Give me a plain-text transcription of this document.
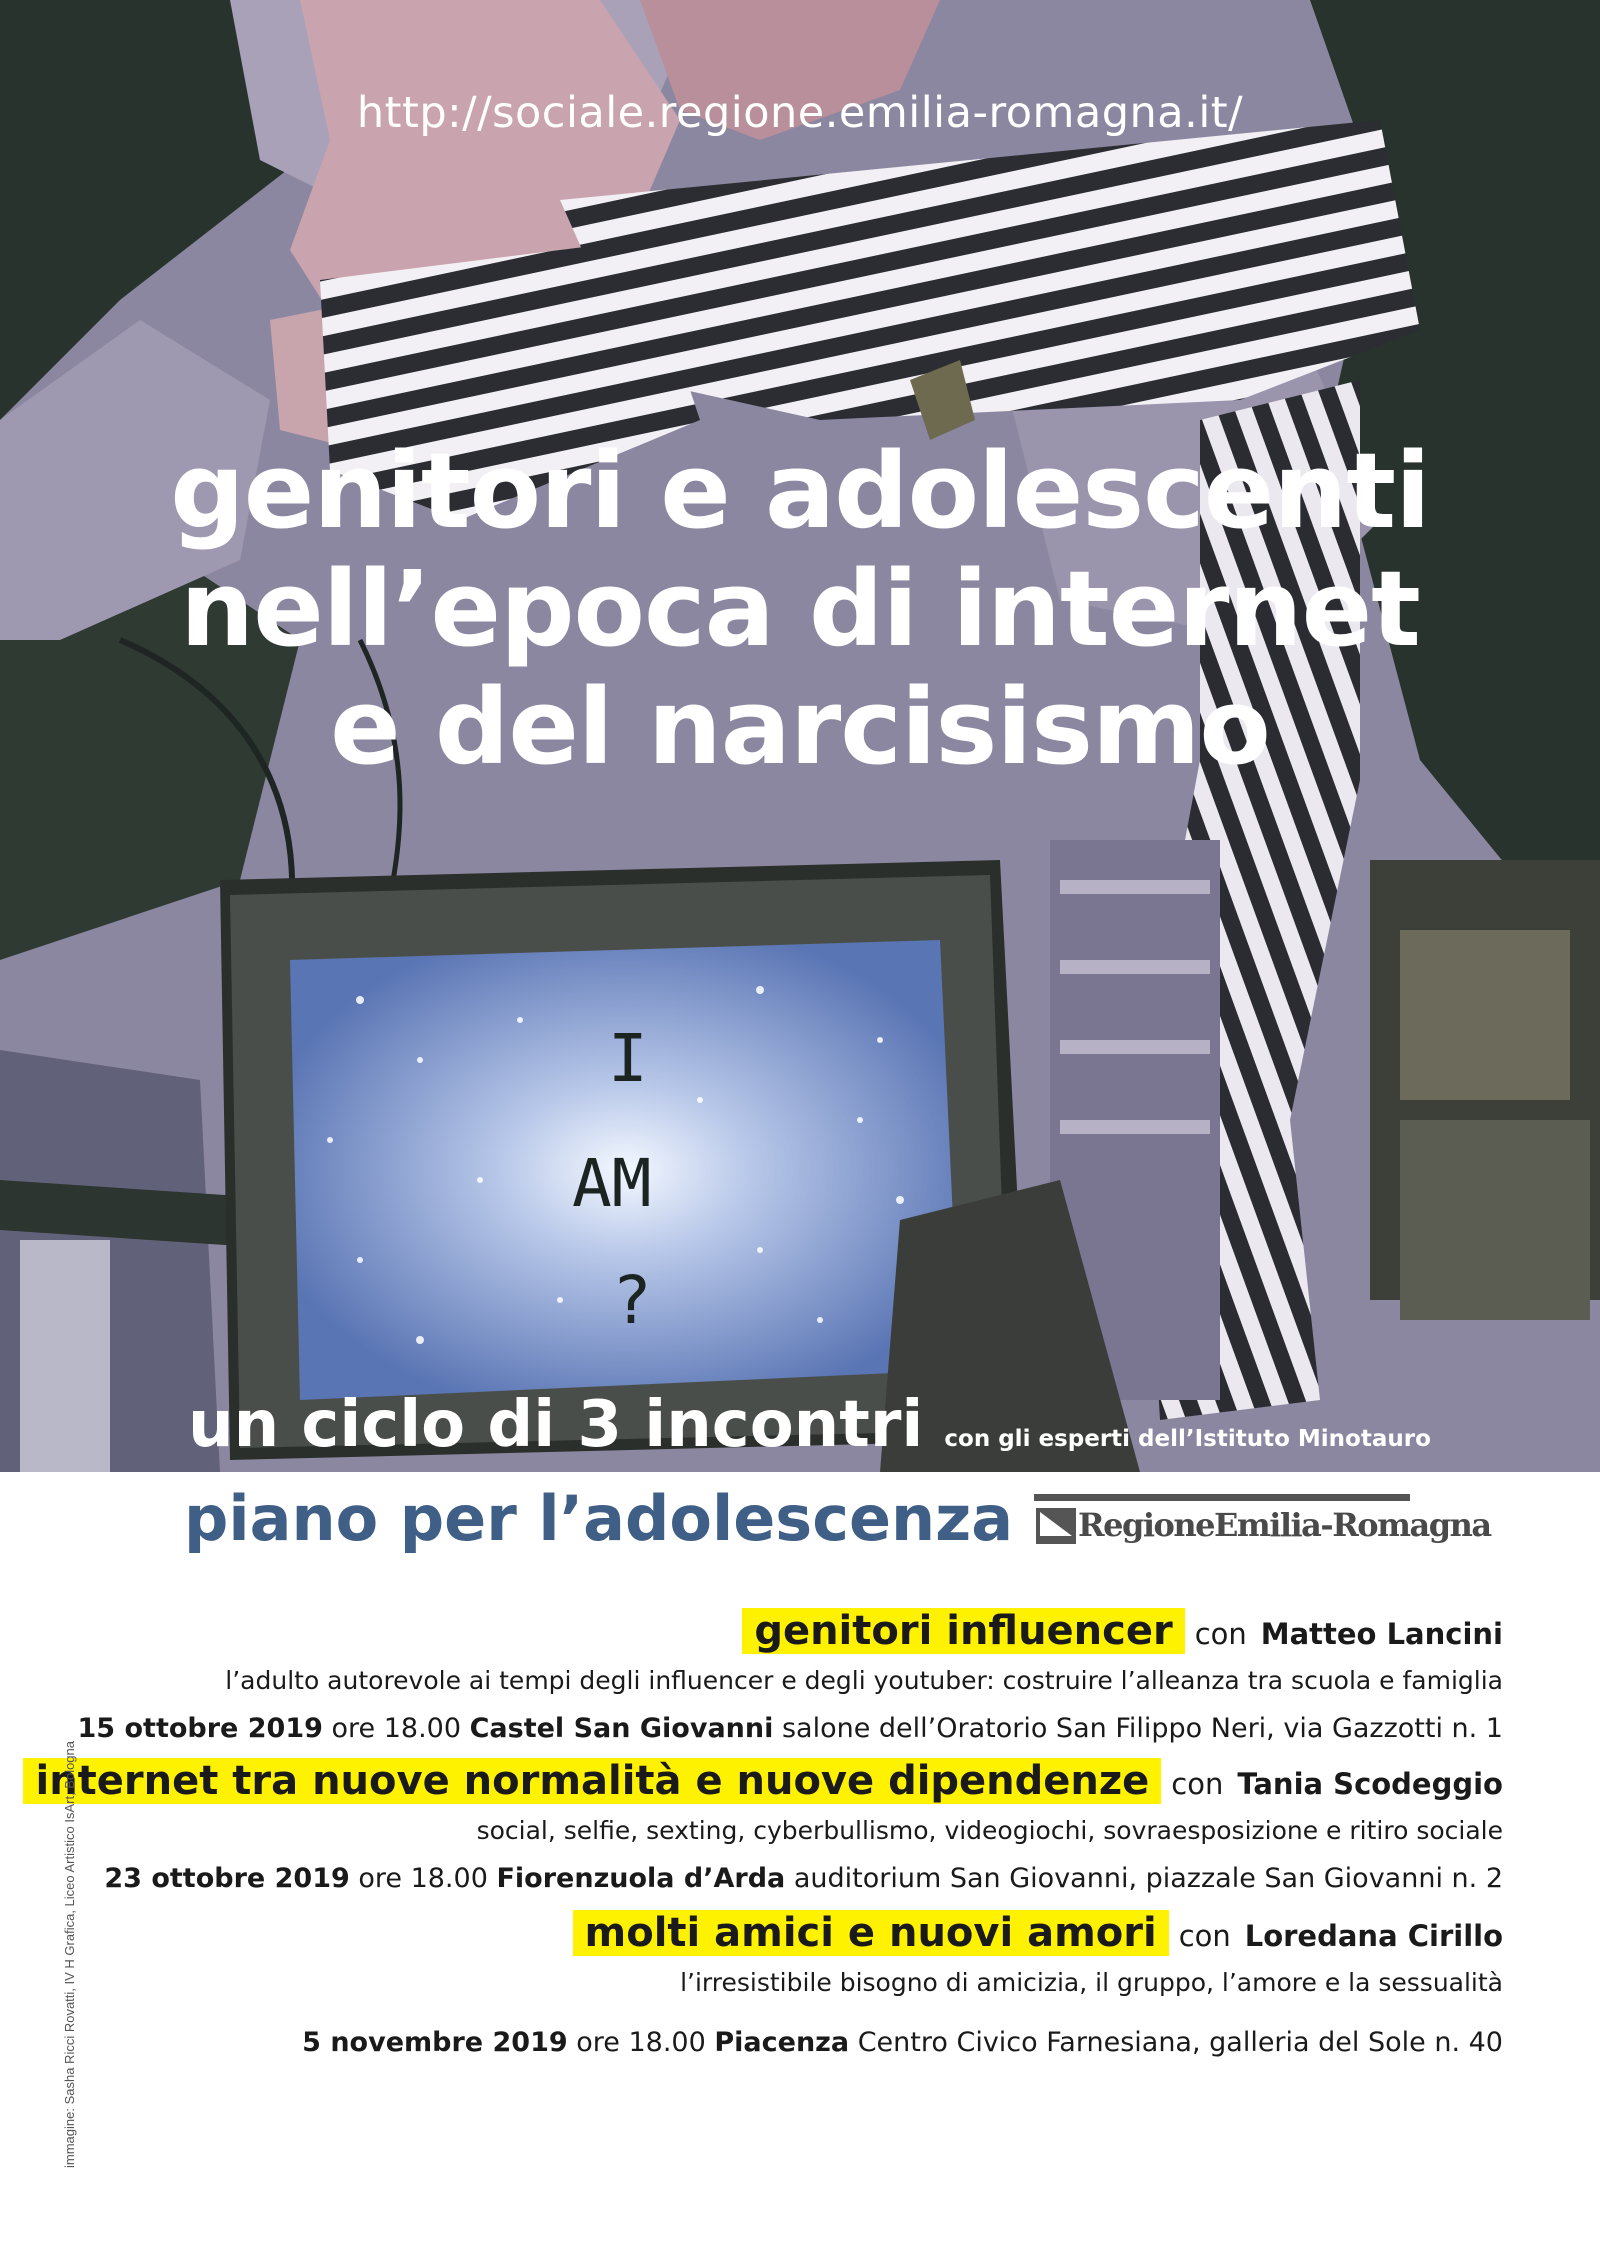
http://sociale.regione.emilia-romagna.it/
genitori e adolescenti
nell’epoca di internet
e del narcisismo
I
AM
?
un ciclo di 3 incontri con gli esperti dell’Istituto Minotauro
piano per l’adolescenza RegioneEmilia-Romagna
genitori influencer con Matteo Lancini
l’adulto autorevole ai tempi degli influencer e degli youtuber: costruire l’alleanza tra scuola e famiglia
15 ottobre 2019 ore 18.00 Castel San Giovanni salone dell’Oratorio San Filippo Neri, via Gazzotti n. 1
internet tra nuove normalità e nuove dipendenze con Tania Scodeggio
social, selfie, sexting, cyberbullismo, videogiochi, sovraesposizione e ritiro sociale
23 ottobre 2019 ore 18.00 Fiorenzuola d’Arda auditorium San Giovanni, piazzale San Giovanni n. 2
molti amici e nuovi amori con Loredana Cirillo
l’irresistibile bisogno di amicizia, il gruppo, l’amore e la sessualità
5 novembre 2019 ore 18.00 Piacenza Centro Civico Farnesiana, galleria del Sole n. 40
immagine: Sasha Ricci Rovatti, IV H Grafica, Liceo Artistico IsArt, Bologna
